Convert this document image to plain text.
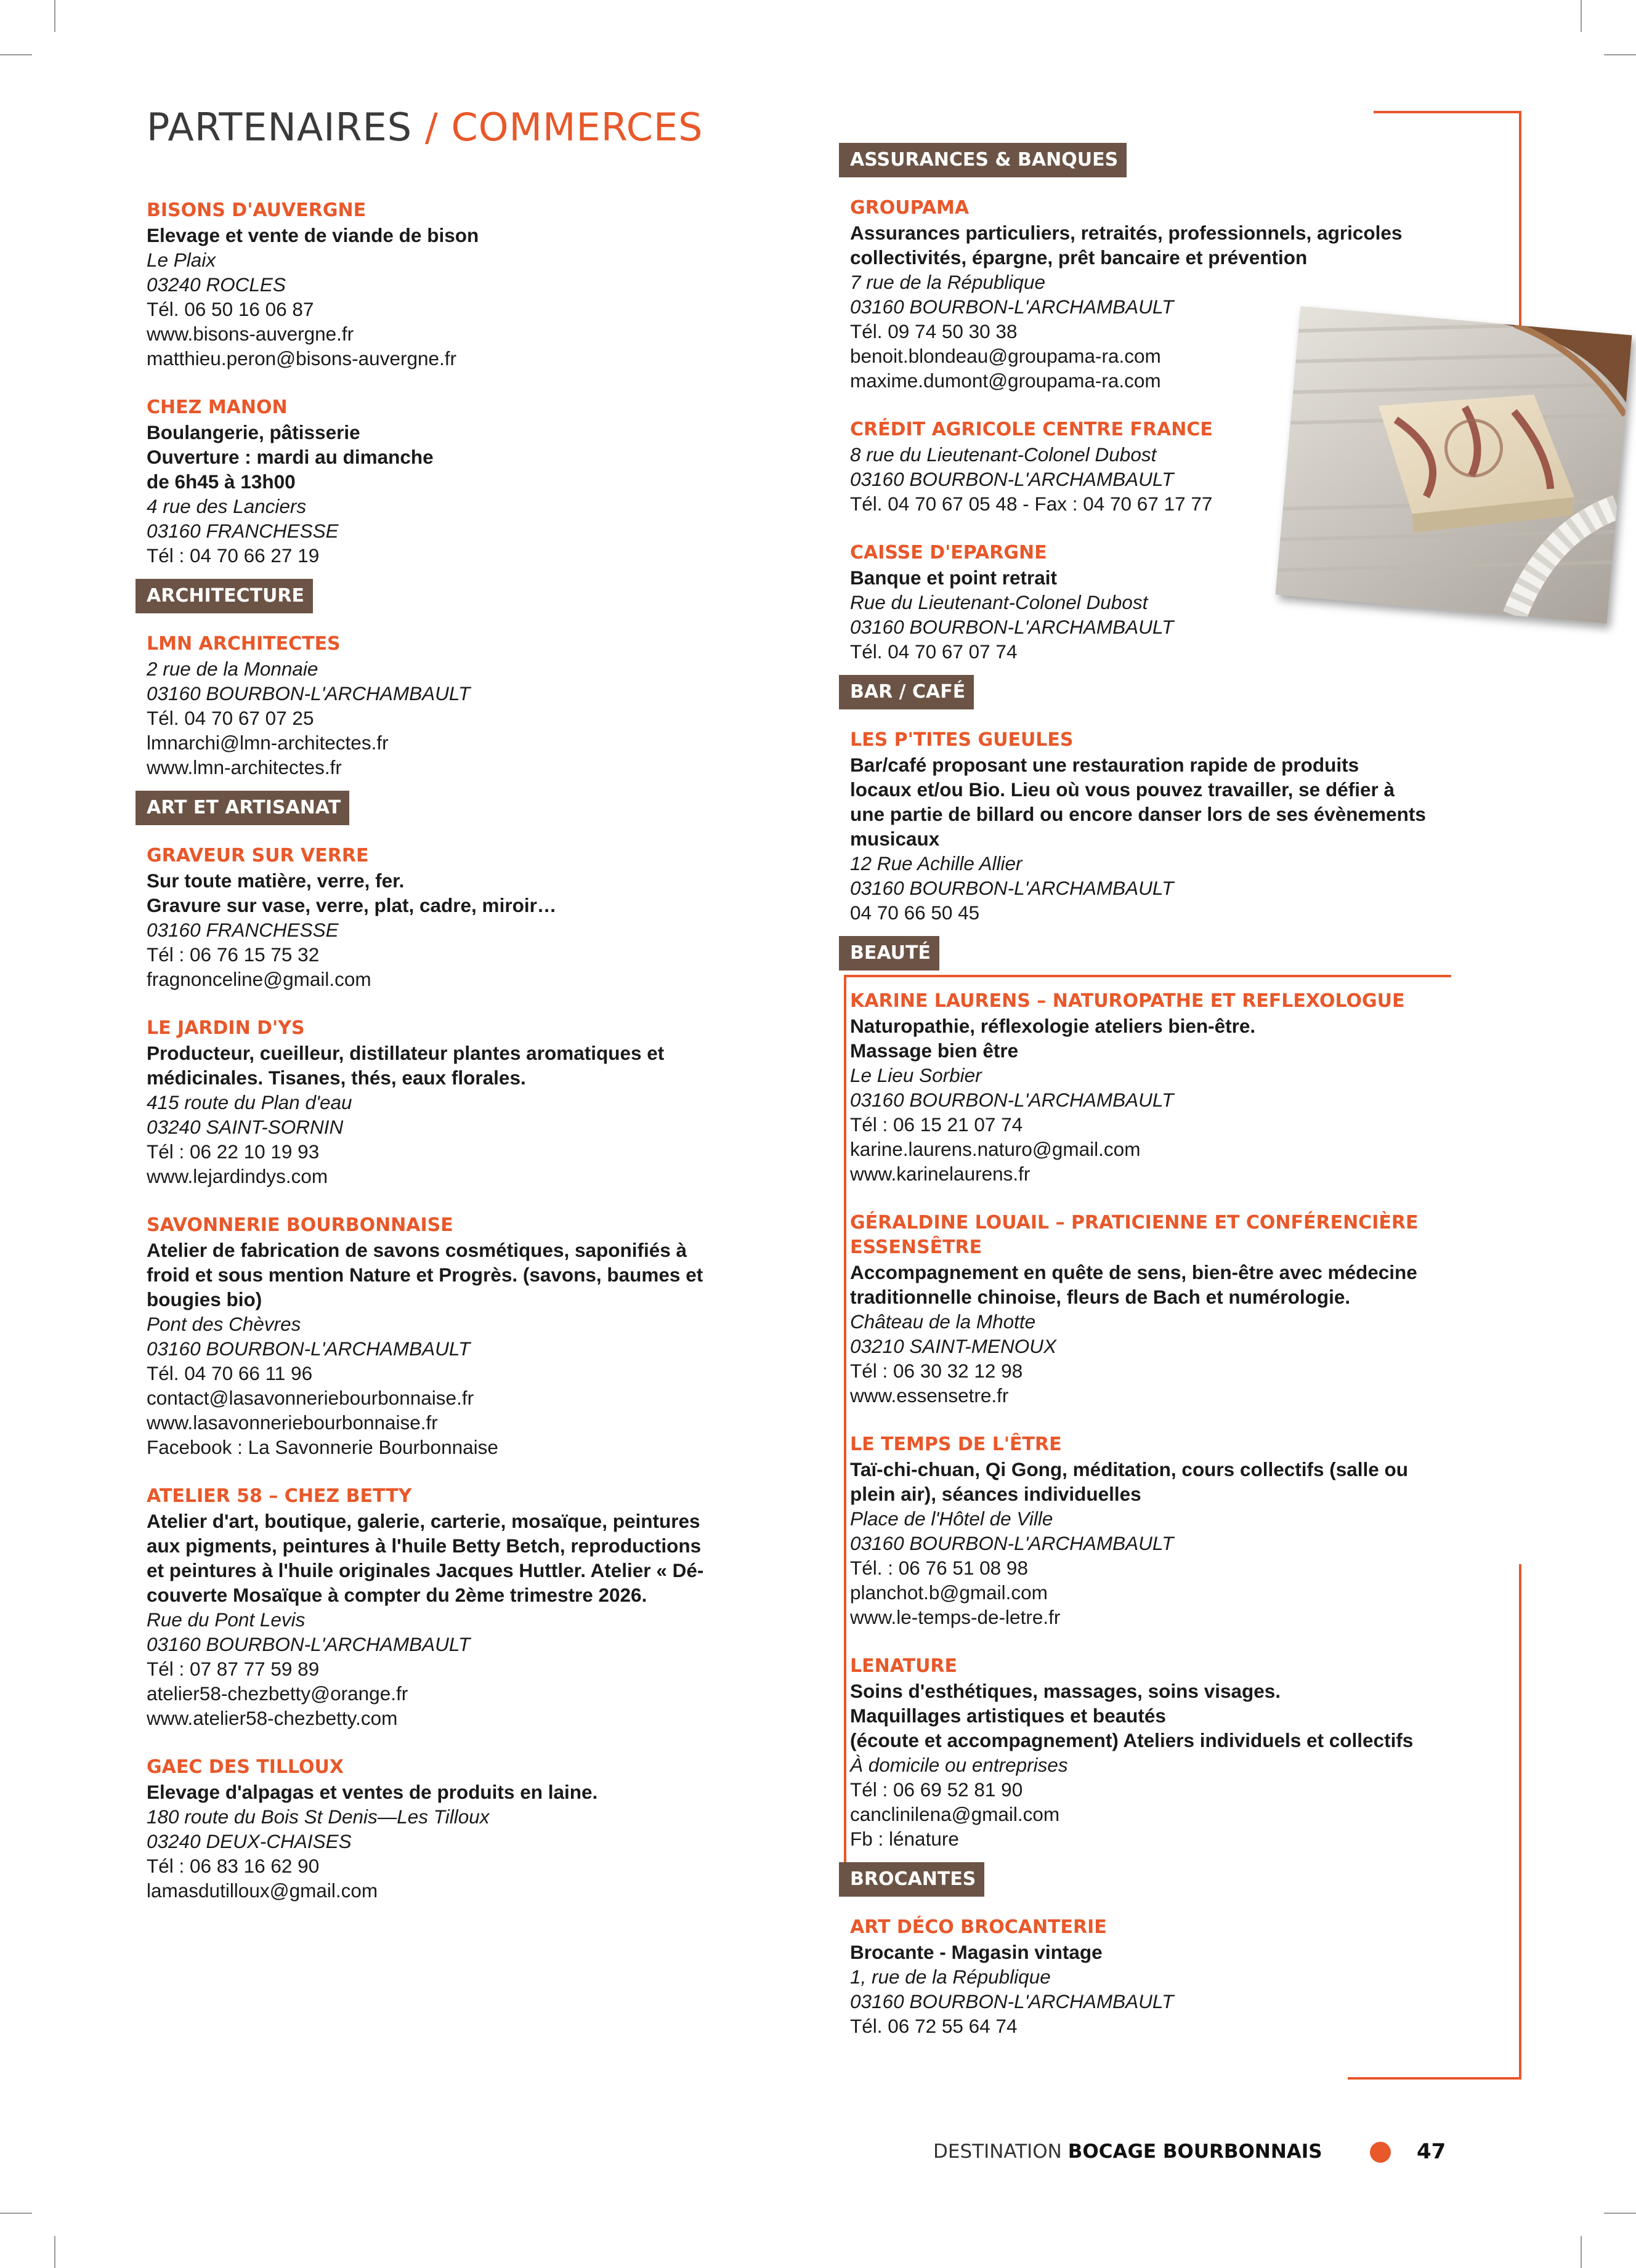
PARTENAIRES / COMMERCES
BISONS D'AUVERGNE
Elevage et vente de viande de bison
Le Plaix
03240 ROCLES
Tél. 06 50 16 06 87
www.bisons-auvergne.fr
matthieu.peron@bisons-auvergne.fr
CHEZ MANON
Boulangerie, pâtisserie
Ouverture : mardi au dimanche
de 6h45 à 13h00
4 rue des Lanciers
03160 FRANCHESSE
Tél : 04 70 66 27 19
ARCHITECTURE
LMN ARCHITECTES
2 rue de la Monnaie
03160 BOURBON-L'ARCHAMBAULT
Tél. 04 70 67 07 25
lmnarchi@lmn-architectes.fr
www.lmn-architectes.fr
ART ET ARTISANAT
GRAVEUR SUR VERRE
Sur toute matière, verre, fer.
Gravure sur vase, verre, plat, cadre, miroir…
03160 FRANCHESSE
Tél : 06 76 15 75 32
fragnonceline@gmail.com
LE JARDIN D'YS
Producteur, cueilleur, distillateur plantes aromatiques et
médicinales. Tisanes, thés, eaux florales.
415 route du Plan d'eau
03240 SAINT-SORNIN
Tél : 06 22 10 19 93
www.lejardindys.com
SAVONNERIE BOURBONNAISE
Atelier de fabrication de savons cosmétiques, saponifiés à
froid et sous mention Nature et Progrès. (savons, baumes et
bougies bio)
Pont des Chèvres
03160 BOURBON-L'ARCHAMBAULT
Tél. 04 70 66 11 96
contact@lasavonneriebourbonnaise.fr
www.lasavonneriebourbonnaise.fr
Facebook : La Savonnerie Bourbonnaise
ATELIER 58 – CHEZ BETTY
Atelier d'art, boutique, galerie, carterie, mosaïque, peintures
aux pigments, peintures à l'huile Betty Betch, reproductions
et peintures à l'huile originales Jacques Huttler. Atelier « Dé-
couverte Mosaïque à compter du 2ème trimestre 2026.
Rue du Pont Levis
03160 BOURBON-L'ARCHAMBAULT
Tél : 07 87 77 59 89
atelier58-chezbetty@orange.fr
www.atelier58-chezbetty.com
GAEC DES TILLOUX
Elevage d'alpagas et ventes de produits en laine.
180 route du Bois St Denis—Les Tilloux
03240 DEUX-CHAISES
Tél : 06 83 16 62 90
lamasdutilloux@gmail.com
ASSURANCES & BANQUES
GROUPAMA
Assurances particuliers, retraités, professionnels, agricoles
collectivités, épargne, prêt bancaire et prévention
7 rue de la République
03160 BOURBON-L'ARCHAMBAULT
Tél. 09 74 50 30 38
benoit.blondeau@groupama-ra.com
maxime.dumont@groupama-ra.com
CRÉDIT AGRICOLE CENTRE FRANCE
8 rue du Lieutenant-Colonel Dubost
03160 BOURBON-L'ARCHAMBAULT
Tél. 04 70 67 05 48 - Fax : 04 70 67 17 77
CAISSE D'EPARGNE
Banque et point retrait
Rue du Lieutenant-Colonel Dubost
03160 BOURBON-L'ARCHAMBAULT
Tél. 04 70 67 07 74
BAR / CAFÉ
LES P'TITES GUEULES
Bar/café proposant une restauration rapide de produits
locaux et/ou Bio. Lieu où vous pouvez travailler, se défier à
une partie de billard ou encore danser lors de ses évènements
musicaux
12 Rue Achille Allier
03160 BOURBON-L'ARCHAMBAULT
04 70 66 50 45
BEAUTÉ
KARINE LAURENS – NATUROPATHE ET REFLEXOLOGUE
Naturopathie, réflexologie ateliers bien-être.
Massage bien être
Le Lieu Sorbier
03160 BOURBON-L'ARCHAMBAULT
Tél : 06 15 21 07 74
karine.laurens.naturo@gmail.com
www.karinelaurens.fr
GÉRALDINE LOUAIL – PRATICIENNE ET CONFÉRENCIÈRE
ESSENSÊTRE
Accompagnement en quête de sens, bien-être avec médecine
traditionnelle chinoise, fleurs de Bach et numérologie.
Château de la Mhotte
03210 SAINT-MENOUX
Tél : 06 30 32 12 98
www.essensetre.fr
LE TEMPS DE L'ÊTRE
Taï-chi-chuan, Qi Gong, méditation, cours collectifs (salle ou
plein air), séances individuelles
Place de l'Hôtel de Ville
03160 BOURBON-L'ARCHAMBAULT
Tél. : 06 76 51 08 98
planchot.b@gmail.com
www.le-temps-de-letre.fr
LENATURE
Soins d'esthétiques, massages, soins visages.
Maquillages artistiques et beautés
(écoute et accompagnement) Ateliers individuels et collectifs
À domicile ou entreprises
Tél : 06 69 52 81 90
canclinilena@gmail.com
Fb : lénature
BROCANTES
ART DÉCO BROCANTERIE
Brocante - Magasin vintage
1, rue de la République
03160 BOURBON-L'ARCHAMBAULT
Tél. 06 72 55 64 74
DESTINATION BOCAGE BOURBONNAIS	47
